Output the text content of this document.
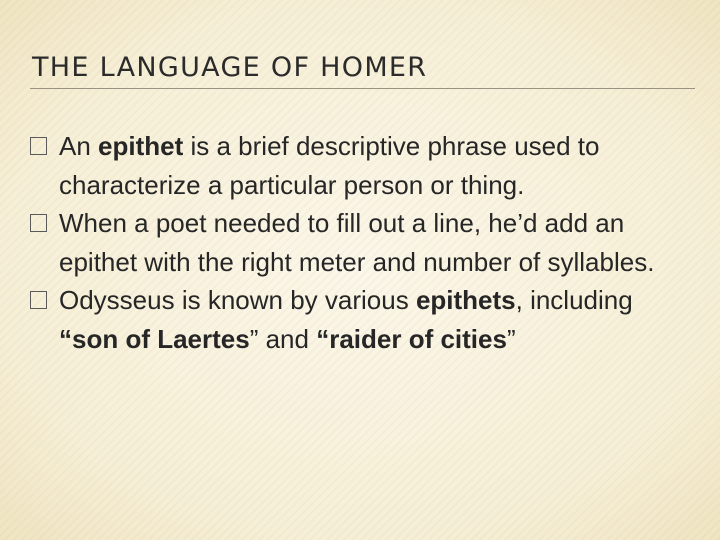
THE LANGUAGE OF HOMER
An epithet is a brief descriptive phrase used to characterize a particular person or thing.
When a poet needed to fill out a line, he’d add an epithet with the right meter and number of syllables.
Odysseus is known by various epithets, including “son of Laertes” and “raider of cities”
